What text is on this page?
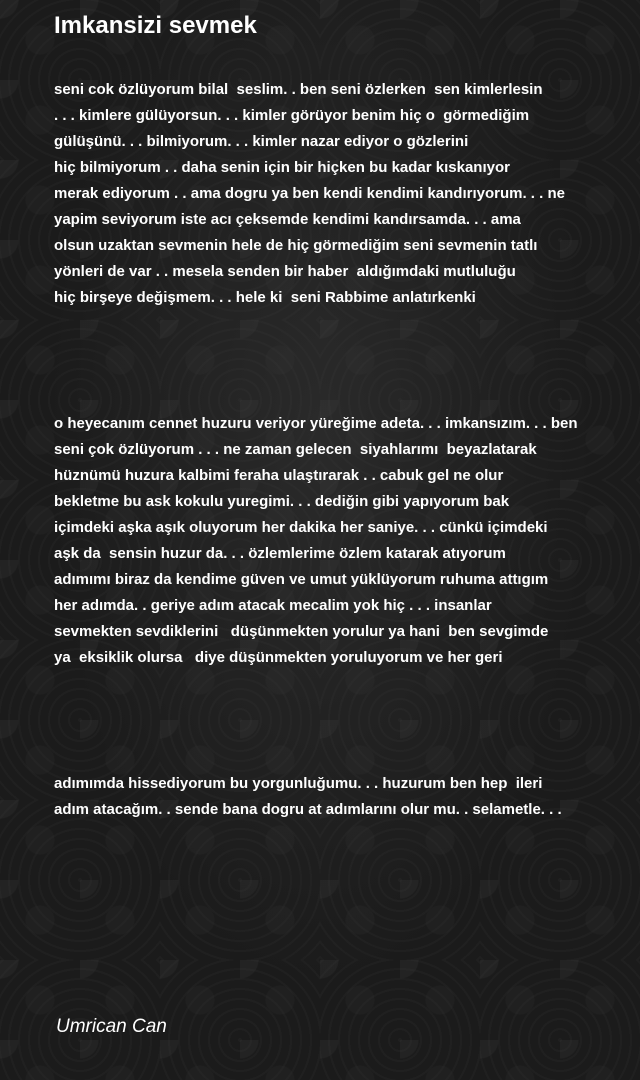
Imkansizi sevmek
seni cok özlüyorum bilal  seslim. . ben seni özlerken  sen kimlerlesin
. . . kimlere gülüyorsun. . . kimler görüyor benim hiç o  görmediğim
gülüşünü. . . bilmiyorum. . . kimler nazar ediyor o gözlerini
hiç bilmiyorum . . daha senin için bir hiçken bu kadar kıskanıyor
merak ediyorum . . ama dogru ya ben kendi kendimi kandırıyorum. . . ne
yapim seviyorum iste acı çeksemde kendimi kandırsamda. . . ama
olsun uzaktan sevmenin hele de hiç görmediğim seni sevmenin tatlı
yönleri de var . . mesela senden bir haber  aldığımdaki mutluluğu
hiç birşeye değişmem. . . hele ki  seni Rabbime anlatırkenki
o heyecanım cennet huzuru veriyor yüreğime adeta. . . imkansızım. . . ben
seni çok özlüyorum . . . ne zaman gelecen  siyahlarımı  beyazlatarak
hüznümü huzura kalbimi feraha ulaştırarak . . cabuk gel ne olur
bekletme bu ask kokulu yuregimi. . . dediğin gibi yapıyorum bak
içimdeki aşka aşık oluyorum her dakika her saniye. . . cünkü içimdeki
aşk da  sensin huzur da. . . özlemlerime özlem katarak atıyorum
adımımı biraz da kendime güven ve umut yüklüyorum ruhuma attıgım
her adımda. . geriye adım atacak mecalim yok hiç . . . insanlar
sevmekten sevdiklerini   düşünmekten yorulur ya hani  ben sevgimde
ya  eksiklik olursa   diye düşünmekten yoruluyorum ve her geri
adımımda hissediyorum bu yorgunluğumu. . . huzurum ben hep  ileri
adım atacağım. . sende bana dogru at adımlarını olur mu. . selametle. . .
Umrican Can
